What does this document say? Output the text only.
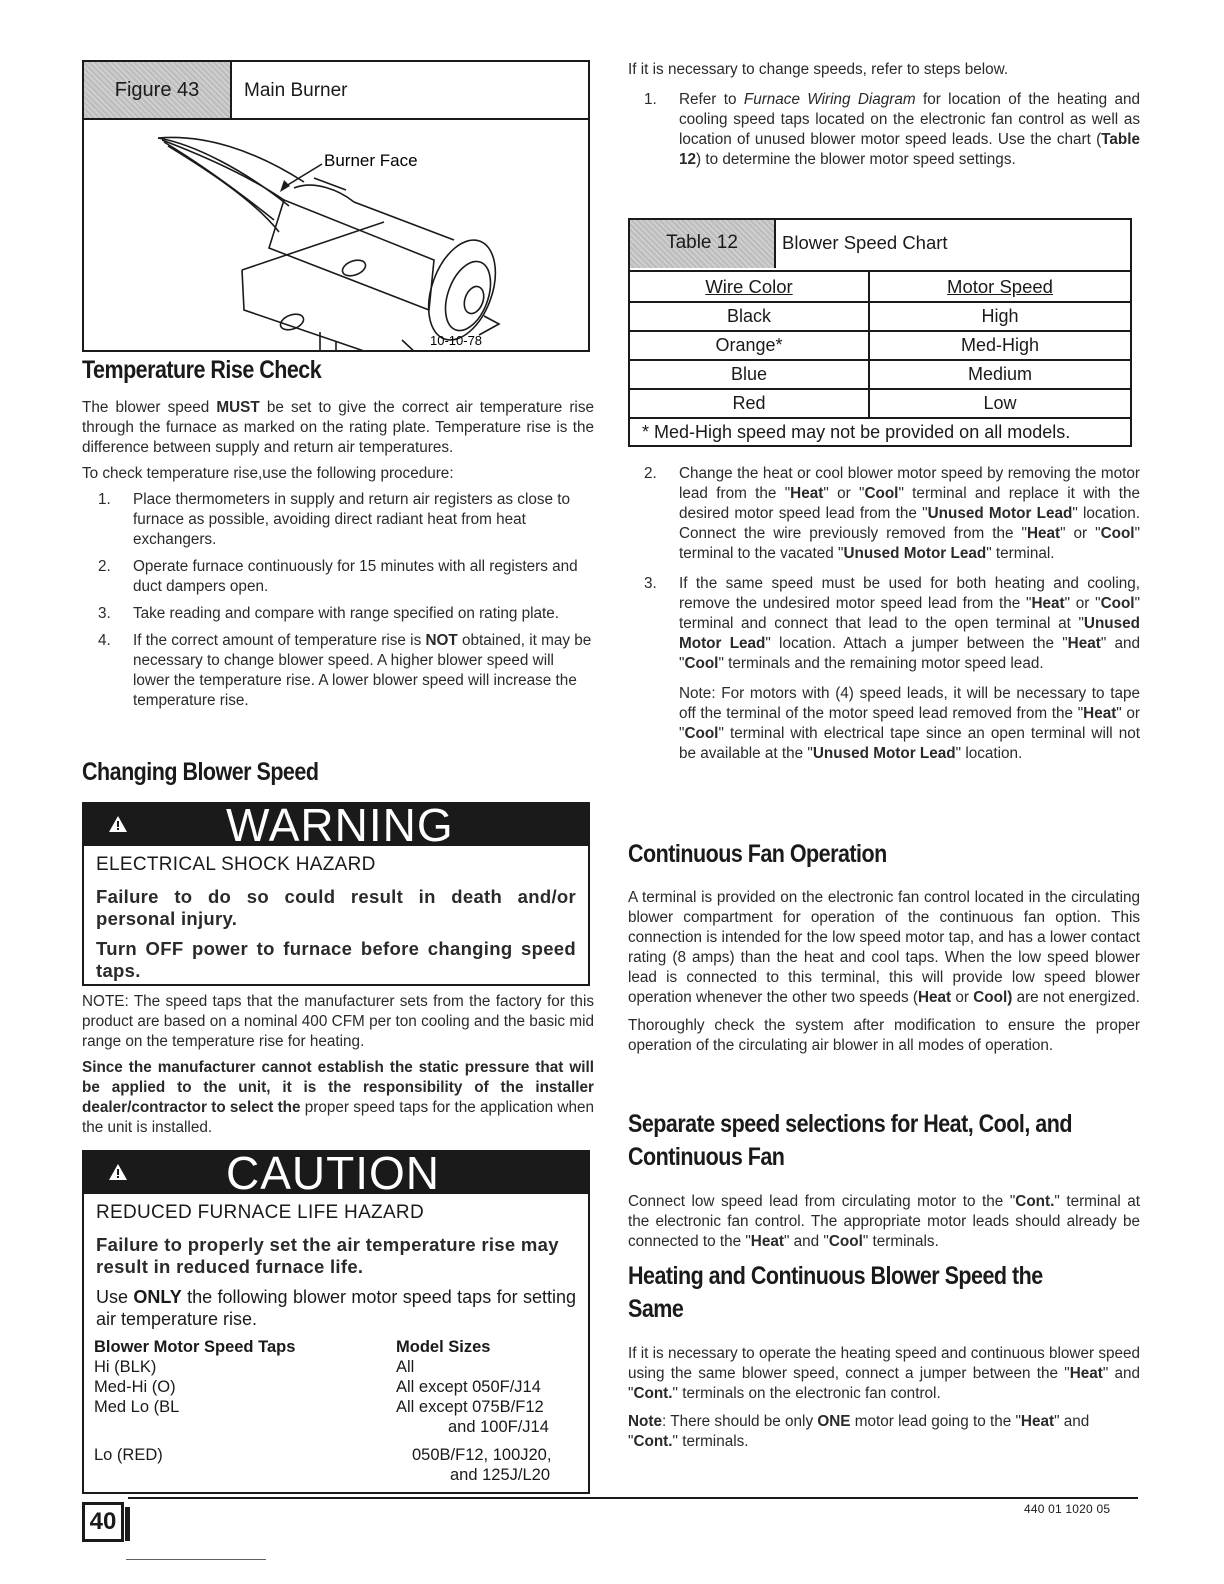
Figure 43	Main Burner
Burner Face
10-10-78
Temperature Rise Check

The blower speed MUST be set to give the correct air temperature rise through the furnace as marked on the rating plate. Temperature rise is the difference between supply and return air temperatures.

To check temperature rise,use the following procedure:

1. Place thermometers in supply and return air registers as close to furnace as possible, avoiding direct radiant heat from heat exchangers.
2. Operate furnace continuously for 15 minutes with all registers and duct dampers open.
3. Take reading and compare with range specified on rating plate.
4. If the correct amount of temperature rise is NOT obtained, it may be necessary to change blower speed. A higher blower speed will lower the temperature rise. A lower blower speed will increase the temperature rise.
Changing Blower Speed
WARNING
ELECTRICAL SHOCK HAZARD
Failure to do so could result in death and/or personal injury.
Turn OFF power to furnace before changing speed taps.

NOTE: The speed taps that the manufacturer sets from the factory for this product are based on a nominal 400 CFM per ton cooling and the basic mid range on the temperature rise for heating.

Since the manufacturer cannot establish the static pressure that will be applied to the unit, it is the responsibility of the installer dealer/contractor to select the proper speed taps for the application when the unit is installed.

CAUTION
REDUCED FURNACE LIFE HAZARD
Failure to properly set the air temperature rise may result in reduced furnace life.
Use ONLY the following blower motor speed taps for setting air temperature rise.
Blower Motor Speed Taps	Model Sizes
Hi (BLK)	All
Med-Hi (O)	All except 050F/J14
Med Lo (BL	All except 075B/F12
and 100F/J14
Lo (RED)	050B/F12, 100J20,
and 125J/L20

If it is necessary to change speeds, refer to steps below.

1. Refer to Furnace Wiring Diagram for location of the heating and cooling speed taps located on the electronic fan control as well as location of unused blower motor speed leads. Use the chart (Table 12) to determine the blower motor speed settings.
Table 12	Blower Speed Chart
Wire Color	Motor Speed
Black	High
Orange*	Med-High
Blue	Medium
Red	Low
* Med-High speed may not be provided on all models.
2. Change the heat or cool blower motor speed by removing the motor lead from the "Heat" or "Cool" terminal and replace it with the desired motor speed lead from the "Unused Motor Lead" location. Connect the wire previously removed from the "Heat" or "Cool" terminal to the vacated "Unused Motor Lead" terminal.
3. If the same speed must be used for both heating and cooling, remove the undesired motor speed lead from the "Heat" or "Cool" terminal and connect that lead to the open terminal at "Unused Motor Lead" location. Attach a jumper between the "Heat" and "Cool" terminals and the remaining motor speed lead.

Note: For motors with (4) speed leads, it will be necessary to tape off the terminal of the motor speed lead removed from the "Heat" or "Cool" terminal with electrical tape since an open terminal will not be available at the "Unused Motor Lead" location.

Continuous Fan Operation

A terminal is provided on the electronic fan control located in the circulating blower compartment for operation of the continuous fan option. This connection is intended for the low speed motor tap, and has a lower contact rating (8 amps) than the heat and cool taps. When the low speed blower lead is connected to this terminal, this will provide low speed blower operation whenever the other two speeds (Heat or Cool) are not energized.

Thoroughly check the system after modification to ensure the proper operation of the circulating air blower in all modes of operation.

Separate speed selections for Heat, Cool, and
Continuous Fan

Connect low speed lead from circulating motor to the "Cont." terminal at the electronic fan control. The appropriate motor leads should already be connected to the "Heat" and "Cool" terminals.

Heating and Continuous Blower Speed the
Same

If it is necessary to operate the heating speed and continuous blower speed using the same blower speed, connect a jumper between the "Heat" and "Cont." terminals on the electronic fan control.

Note: There should be only ONE motor lead going to the "Heat" and "Cont." terminals.

40	440 01 1020 05
